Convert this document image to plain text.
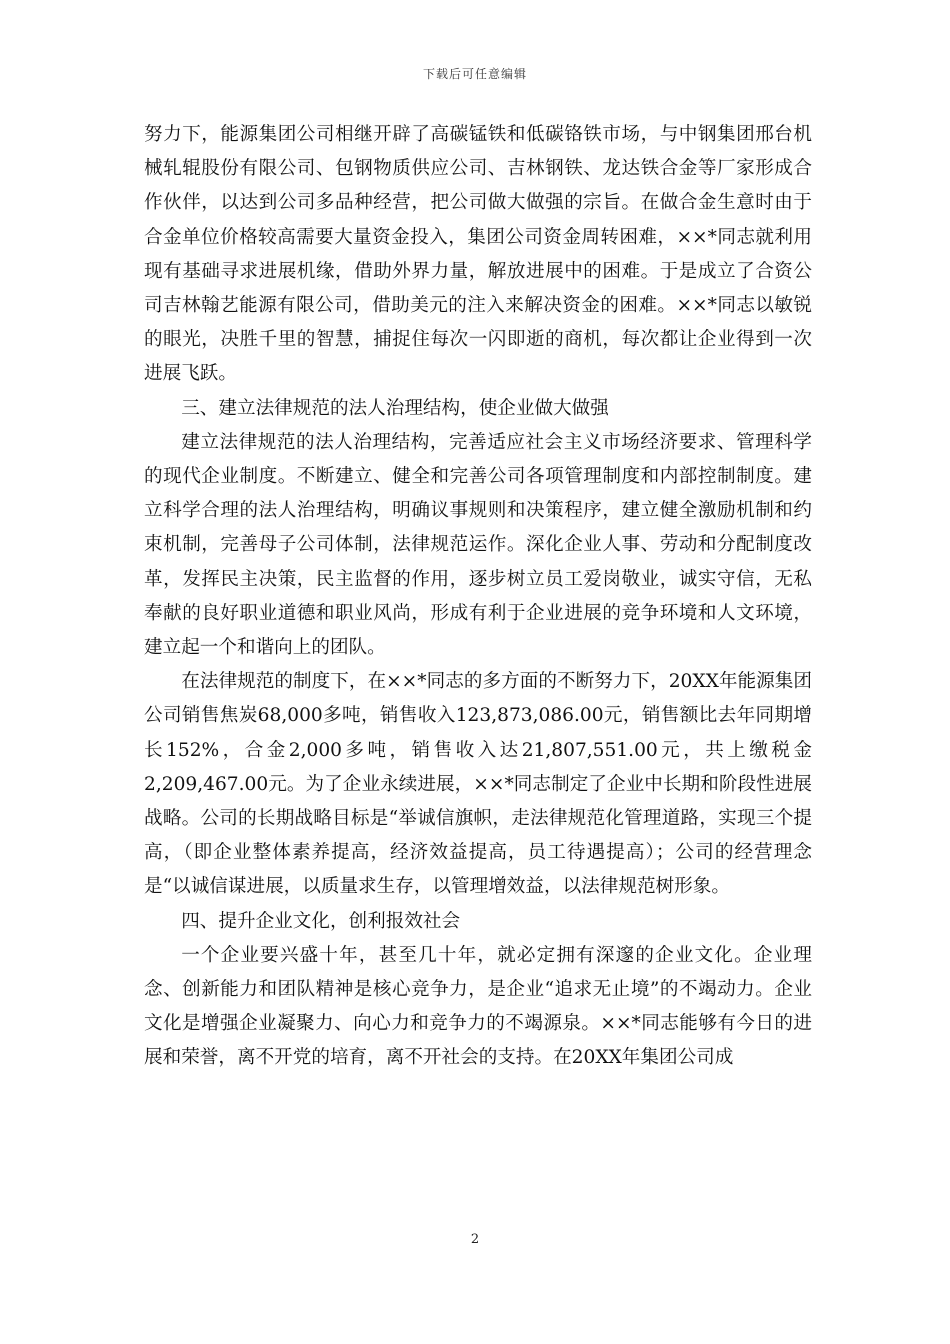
下载后可任意编辑

努力下，能源集团公司相继开辟了高碳锰铁和低碳铬铁市场，与中钢集团邢台机械轧辊股份有限公司、包钢物质供应公司、吉林钢铁、龙达铁合金等厂家形成合作伙伴，以达到公司多品种经营，把公司做大做强的宗旨。在做合金生意时由于合金单位价格较高需要大量资金投入，集团公司资金周转困难，××*同志就利用现有基础寻求进展机缘，借助外界力量，解放进展中的困难。于是成立了合资公司吉林翰艺能源有限公司，借助美元的注入来解决资金的困难。××*同志以敏锐的眼光，决胜千里的智慧，捕捉住每次一闪即逝的商机，每次都让企业得到一次进展飞跃。

三、建立法律规范的法人治理结构，使企业做大做强

建立法律规范的法人治理结构，完善适应社会主义市场经济要求、管理科学的现代企业制度。不断建立、健全和完善公司各项管理制度和内部控制制度。建立科学合理的法人治理结构，明确议事规则和决策程序，建立健全激励机制和约束机制，完善母子公司体制，法律规范运作。深化企业人事、劳动和分配制度改革，发挥民主决策，民主监督的作用，逐步树立员工爱岗敬业，诚实守信，无私奉献的良好职业道德和职业风尚，形成有利于企业进展的竞争环境和人文环境，建立起一个和谐向上的团队。

在法律规范的制度下，在××*同志的多方面的不断努力下，20XX年能源集团公司销售焦炭68,000多吨，销售收入123,873,086.00元，销售额比去年同期增长152%，合金2,000多吨，销售收入达21,807,551.00元，共上缴税金2,209,467.00元。为了企业永续进展，××*同志制定了企业中长期和阶段性进展战略。公司的长期战略目标是“举诚信旗帜，走法律规范化管理道路，实现三个提高，（即企业整体素养提高，经济效益提高，员工待遇提高）；公司的经营理念是“以诚信谋进展，以质量求生存，以管理增效益，以法律规范树形象。

四、提升企业文化，创利报效社会

一个企业要兴盛十年，甚至几十年，就必定拥有深邃的企业文化。企业理念、创新能力和团队精神是核心竞争力，是企业“追求无止境”的不竭动力。企业文化是增强企业凝聚力、向心力和竞争力的不竭源泉。××*同志能够有今日的进展和荣誉，离不开党的培育，离不开社会的支持。在20XX年集团公司成

2
